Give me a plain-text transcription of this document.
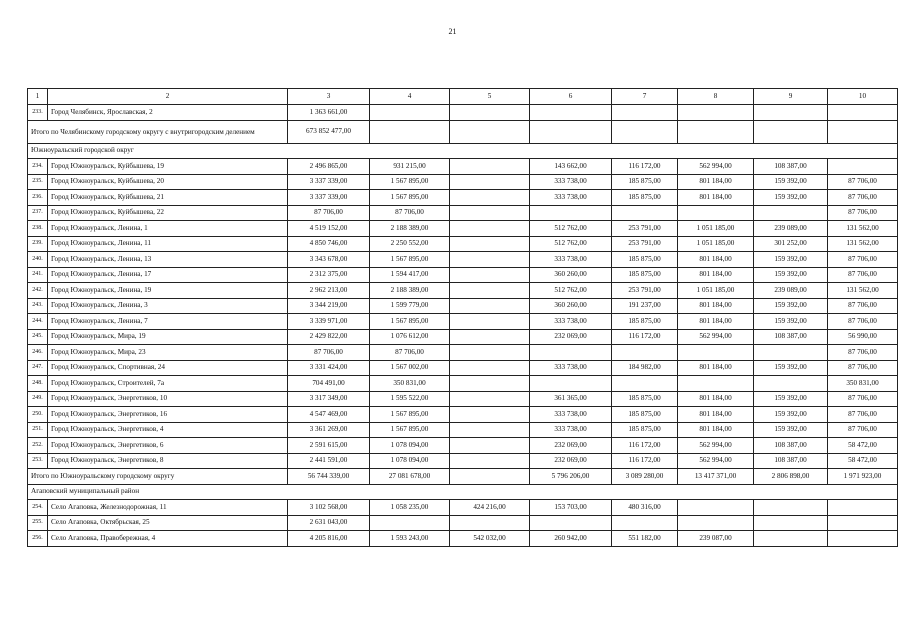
21
1	2	3	4	5	6	7	8	9	10
233.	Город Челябинск, Ярославская, 2	1 363 661,00							
Итого по Челябинскому городскому округу с внутригородским делением		673 852 477,00							
Южноуральский городской округ									
234.	Город Южноуральск, Куйбышева, 19	2 496 865,00	931 215,00		143 662,00	116 172,00	562 994,00	108 387,00	
235.	Город Южноуральск, Куйбышева, 20	3 337 339,00	1 567 895,00		333 738,00	185 875,00	801 184,00	159 392,00	87 706,00
236.	Город Южноуральск, Куйбышева, 21	3 337 339,00	1 567 895,00		333 738,00	185 875,00	801 184,00	159 392,00	87 706,00
237.	Город Южноуральск, Куйбышева, 22	87 706,00	87 706,00						87 706,00
238.	Город Южноуральск, Ленина, 1	4 519 152,00	2 188 389,00		512 762,00	253 791,00	1 051 185,00	239 089,00	131 562,00
239.	Город Южноуральск, Ленина, 11	4 850 746,00	2 250 552,00		512 762,00	253 791,00	1 051 185,00	301 252,00	131 562,00
240.	Город Южноуральск, Ленина, 13	3 343 678,00	1 567 895,00		333 738,00	185 875,00	801 184,00	159 392,00	87 706,00
241.	Город Южноуральск, Ленина, 17	2 312 375,00	1 594 417,00		360 260,00	185 875,00	801 184,00	159 392,00	87 706,00
242.	Город Южноуральск, Ленина, 19	2 962 213,00	2 188 389,00		512 762,00	253 791,00	1 051 185,00	239 089,00	131 562,00
243.	Город Южноуральск, Ленина, 3	3 344 219,00	1 599 779,00		360 260,00	191 237,00	801 184,00	159 392,00	87 706,00
244.	Город Южноуральск, Ленина, 7	3 339 971,00	1 567 895,00		333 738,00	185 875,00	801 184,00	159 392,00	87 706,00
245.	Город Южноуральск, Мира, 19	2 429 822,00	1 076 612,00		232 069,00	116 172,00	562 994,00	108 387,00	56 990,00
246.	Город Южноуральск, Мира, 23	87 706,00	87 706,00						87 706,00
247.	Город Южноуральск, Спортивная, 24	3 331 424,00	1 567 002,00		333 738,00	184 982,00	801 184,00	159 392,00	87 706,00
248.	Город Южноуральск, Строителей, 7а	704 491,00	350 831,00						350 831,00
249.	Город Южноуральск, Энергетиков, 10	3 317 349,00	1 595 522,00		361 365,00	185 875,00	801 184,00	159 392,00	87 706,00
250.	Город Южноуральск, Энергетиков, 16	4 547 469,00	1 567 895,00		333 738,00	185 875,00	801 184,00	159 392,00	87 706,00
251.	Город Южноуральск, Энергетиков, 4	3 361 269,00	1 567 895,00		333 738,00	185 875,00	801 184,00	159 392,00	87 706,00
252.	Город Южноуральск, Энергетиков, 6	2 591 615,00	1 078 094,00		232 069,00	116 172,00	562 994,00	108 387,00	58 472,00
253.	Город Южноуральск, Энергетиков, 8	2 441 591,00	1 078 094,00		232 069,00	116 172,00	562 994,00	108 387,00	58 472,00
Итого по Южноуральскому городскому округу		56 744 339,00	27 081 678,00		5 796 206,00	3 089 280,00	13 417 371,00	2 806 898,00	1 971 923,00
Агаповский муниципальный район									
254.	Село Агаповка, Железнодорожная, 11	3 102 568,00	1 058 235,00	424 216,00	153 703,00	480 316,00			
255.	Село Агаповка, Октябрьская, 25	2 631 043,00							
256.	Село Агаповка, Правобережная, 4	4 205 816,00	1 593 243,00	542 032,00	260 942,00	551 182,00	239 087,00		
